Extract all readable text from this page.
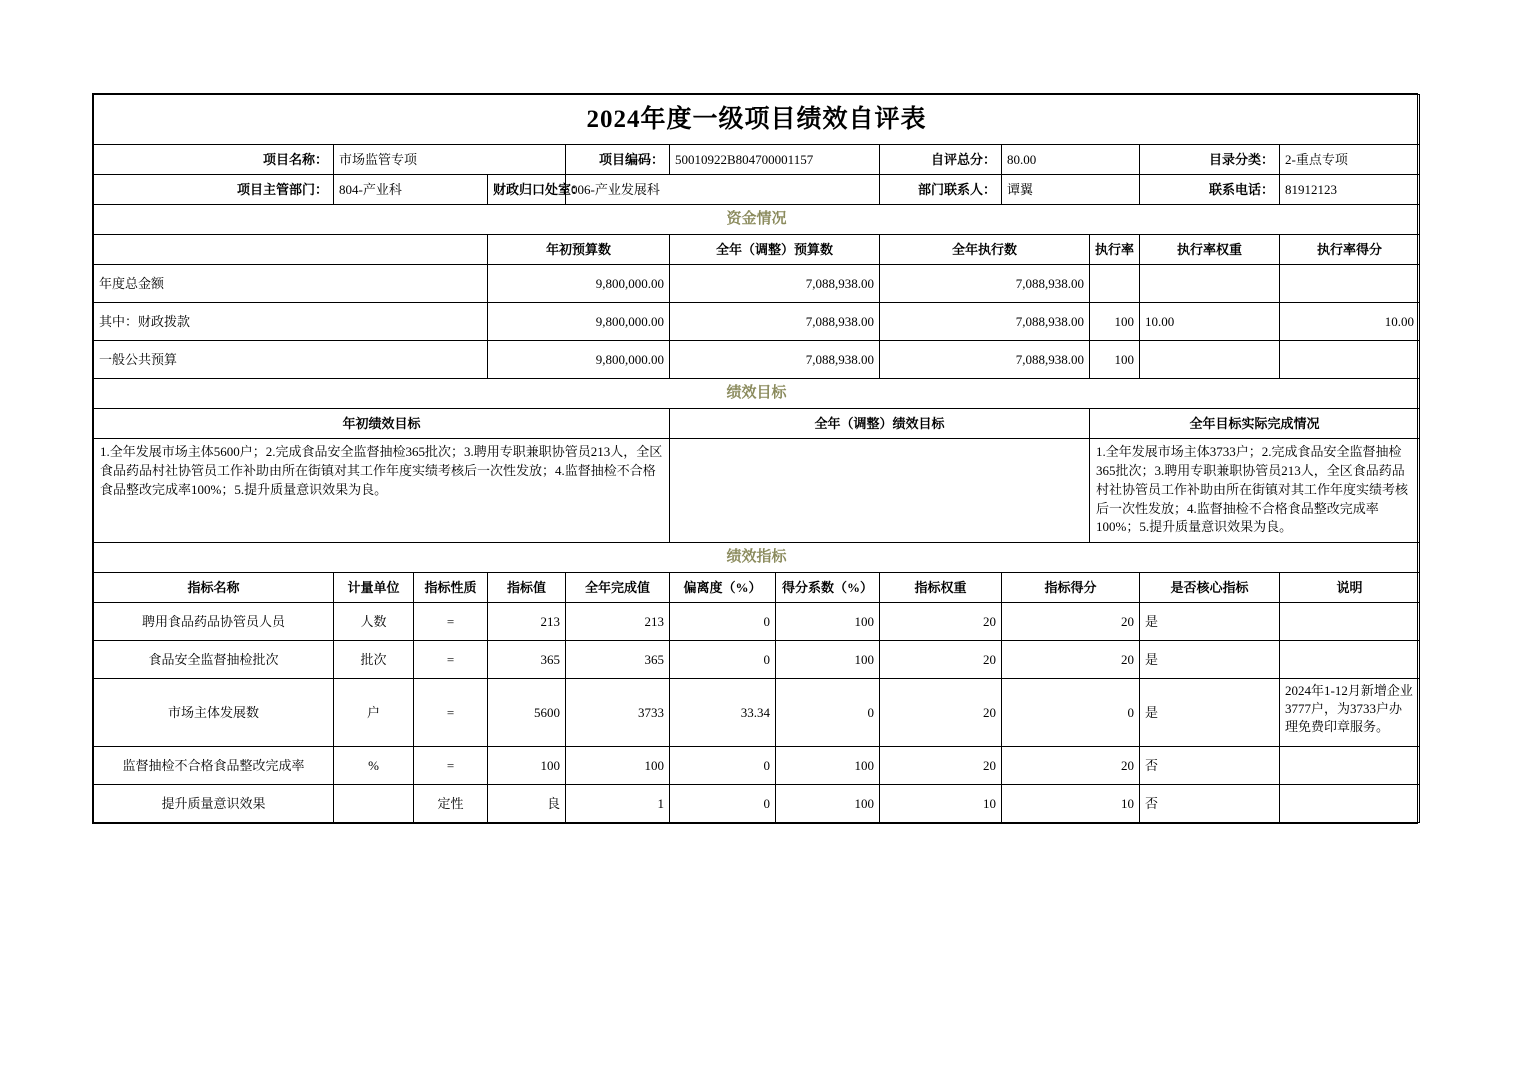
2024年度一级项目绩效自评表											
项目名称：	市场监管专项			项目编码：	50010922B804700001157		自评总分：	80.00		目录分类：	2-重点专项
项目主管部门：	804-产业科		财政归口处室：	006-产业发展科			部门联系人：	谭翼		联系电话：	81912123
资金情况											
			年初预算数		全年（调整）预算数		全年执行数		执行率	执行率权重	执行率得分
年度总金额			9,800,000.00		7,088,938.00		7,088,938.00				
其中：财政拨款			9,800,000.00		7,088,938.00		7,088,938.00		100	10.00	10.00
一般公共预算			9,800,000.00		7,088,938.00		7,088,938.00		100		
绩效目标											
年初绩效目标					全年（调整）绩效目标				全年目标实际完成情况		
1.全年发展市场主体5600户；2.完成食品安全监督抽检365批次；3.聘用专职兼职协管员213人，全区食品药品村社协管员工作补助由所在街镇对其工作年度实绩考核后一次性发放；4.监督抽检不合格食品整改完成率100%；5.提升质量意识效果为良。									1.全年发展市场主体3733户；2.完成食品安全监督抽检365批次；3.聘用专职兼职协管员213人，全区食品药品村社协管员工作补助由所在街镇对其工作年度实绩考核后一次性发放；4.监督抽检不合格食品整改完成率100%；5.提升质量意识效果为良。		
绩效指标											
指标名称	计量单位	指标性质	指标值	全年完成值	偏离度（%）	得分系数（%）	指标权重	指标得分		是否核心指标	说明
聘用食品药品协管员人员	人数	=	213	213	0	100	20	20		是	
食品安全监督抽检批次	批次	=	365	365	0	100	20	20		是	
市场主体发展数	户	=	5600	3733	33.34	0	20	0		是	2024年1-12月新增企业3777户，为3733户办理免费印章服务。
监督抽检不合格食品整改完成率	%	=	100	100	0	100	20	20		否	
提升质量意识效果		定性	良	1	0	100	10	10		否	
